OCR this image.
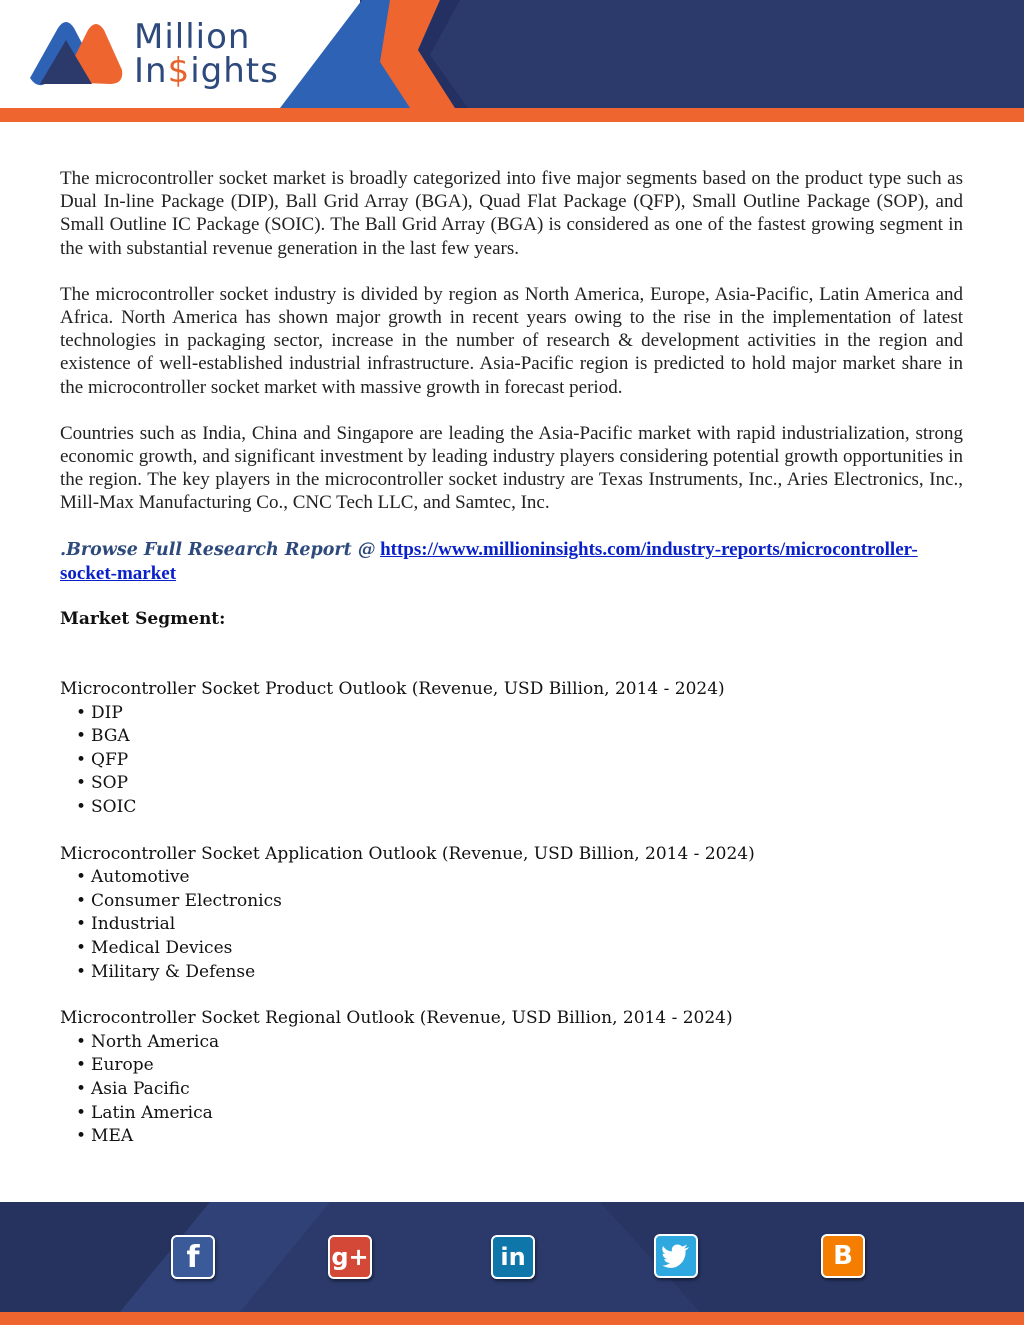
Million
In$ights

The microcontroller socket market is broadly categorized into five major segments based on the product type such as Dual In-line Package (DIP), Ball Grid Array (BGA), Quad Flat Package (QFP), Small Outline Package (SOP), and Small Outline IC Package (SOIC). The Ball Grid Array (BGA) is considered as one of the fastest growing segment in the with substantial revenue generation in the last few years.

The microcontroller socket industry is divided by region as North America, Europe, Asia-Pacific, Latin America and Africa. North America has shown major growth in recent years owing to the rise in the implementation of latest technologies in packaging sector, increase in the number of research & development activities in the region and existence of well-established industrial infrastructure. Asia-Pacific region is predicted to hold major market share in the microcontroller socket market with massive growth in forecast period.

Countries such as India, China and Singapore are leading the Asia-Pacific market with rapid industrialization, strong economic growth, and significant investment by leading industry players considering potential growth opportunities in the region. The key players in the microcontroller socket industry are Texas Instruments, Inc., Aries Electronics, Inc., Mill-Max Manufacturing Co., CNC Tech LLC, and Samtec, Inc.

.Browse Full Research Report @ https://www.millioninsights.com/industry-reports/microcontroller-socket-market

Market Segment:
Microcontroller Socket Product Outlook (Revenue, USD Billion, 2014 - 2024)
• DIP
• BGA
• QFP
• SOP
• SOIC
Microcontroller Socket Application Outlook (Revenue, USD Billion, 2014 - 2024)
• Automotive
• Consumer Electronics
• Industrial
• Medical Devices
• Military & Defense
Microcontroller Socket Regional Outlook (Revenue, USD Billion, 2014 - 2024)
• North America
• Europe
• Asia Pacific
• Latin America
• MEA
f	g+	in	B
